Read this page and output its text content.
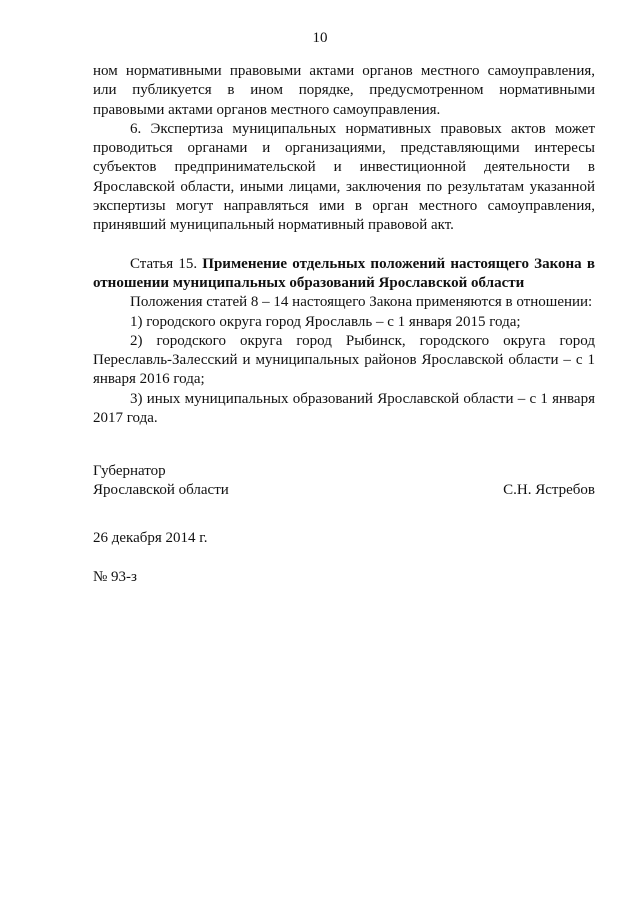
10

ном нормативными правовыми актами органов местного самоуправления, или публикуется в ином порядке, предусмотренном нормативными правовыми актами органов местного самоуправления.

6. Экспертиза муниципальных нормативных правовых актов может проводиться органами и организациями, представляющими интересы субъектов предпринимательской и инвестиционной деятельности в Ярославской области, иными лицами, заключения по результатам указанной экспертизы могут направляться ими в орган местного самоуправления, принявший муниципальный нормативный правовой акт.

Статья 15. Применение отдельных положений настоящего Закона в отношении муниципальных образований Ярославской области

Положения статей 8 – 14 настоящего Закона применяются в отношении:

1) городского округа город Ярославль – с 1 января 2015 года;

2) городского округа город Рыбинск, городского округа город Переславль-Залесский и муниципальных районов Ярославской области – с 1 января 2016 года;

3) иных муниципальных образований Ярославской области – с 1 января 2017 года.

Губернатор
Ярославской области	С.Н. Ястребов
26 декабря 2014 г.
№ 93-з
